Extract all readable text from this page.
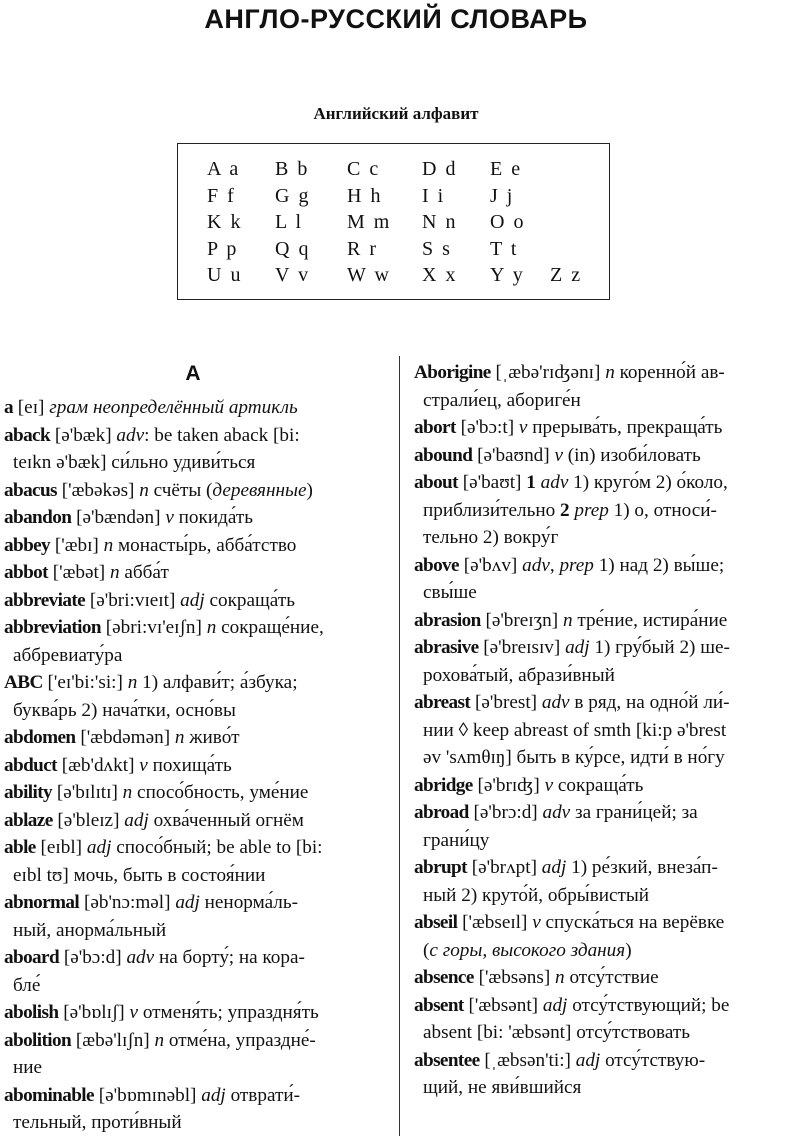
АНГЛО-РУССКИЙ СЛОВАРЬ
Английский алфавит
A a	B b	C c	D d	E e
F f	G g	H h	I i	J j
K k	L l	M m	N n	O o
P p	Q q	R r	S s	T t
U u	V v	W w	X x	Y y	Z z
A
a [eɪ] грам неопределённый артикль
aback [ə'bæk] adv: be taken aback [bi:
teɪkn ə'bæk] си́льно удиви́ться
abacus ['æbəkəs] n счёты (деревянные)
abandon [ə'bændən] v покида́ть
abbey ['æbɪ] n монасты́рь, абба́тство
abbot ['æbət] n абба́т
abbreviate [ə'bri:vɪeɪt] adj сокраща́ть
abbreviation [əbri:vɪ'eɪʃn] n сокраще́ние,
аббревиату́ра
ABC ['eɪ'bi:'si:] n 1) алфави́т; а́збука;
буква́рь 2) нача́тки, осно́вы
abdomen ['æbdəmən] n живо́т
abduct [æb'dʌkt] v похища́ть
ability [ə'bɪlɪtɪ] n спосо́бность, уме́ние
ablaze [ə'bleɪz] adj охва́ченный огнём
able [eɪbl] adj спосо́бный; be able to [bi:
eɪbl tʊ] мочь, быть в состоя́нии
abnormal [əb'nɔ:məl] adj ненорма́ль-
ный, анорма́льный
aboard [ə'bɔ:d] adv на борту́; на кора-
бле́
abolish [ə'bɒlɪʃ] v отменя́ть; упраздня́ть
abolition [æbə'lɪʃn] n отме́на, упраздне́-
ние
abominable [ə'bɒmɪnəbl] adj отврати́-
тельный, проти́вный
Aborigine [ˌæbə'rɪʤənɪ] n коренно́й ав-
страли́ец, абориге́н
abort [ə'bɔ:t] v прерыва́ть, прекраща́ть
abound [ə'baʊnd] v (in) изоби́ловать
about [ə'baʊt] 1 adv 1) круго́м 2) о́коло,
приблизи́тельно 2 prep 1) о, относи́-
тельно 2) вокру́г
above [ə'bʌv] adv, prep 1) над 2) вы́ше;
свы́ше
abrasion [ə'breɪʒn] n тре́ние, истира́ние
abrasive [ə'breɪsɪv] adj 1) гру́бый 2) ше-
рохова́тый, абрази́вный
abreast [ə'brest] adv в ряд, на одно́й ли́-
нии ◊ keep abreast of smth [ki:p ə'brest
əv 'sʌmθɪŋ] быть в ку́рсе, идти́ в но́гу
abridge [ə'brɪʤ] v сокраща́ть
abroad [ə'brɔ:d] adv за грани́цей; за
грани́цу
abrupt [ə'brʌpt] adj 1) ре́зкий, внеза́п-
ный 2) круто́й, обры́вистый
abseil ['æbseɪl] v спуска́ться на верёвке
(с горы, высокого здания)
absence ['æbsəns] n отсу́тствие
absent ['æbsənt] adj отсу́тствующий; be
absent [bi: 'æbsənt] отсу́тствовать
absentee [ˌæbsən'ti:] adj отсу́тствую-
щий, не яви́вшийся
